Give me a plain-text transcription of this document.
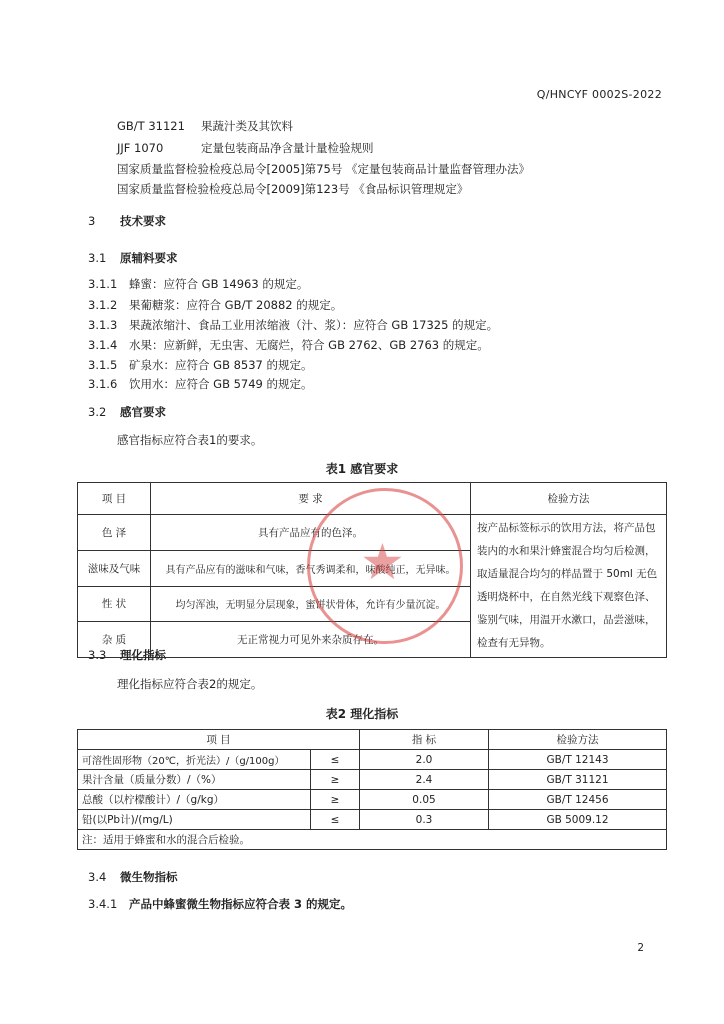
Q/HNCYF 0002S-2022
GB/T 31121 果蔬汁类及其饮料
JJF 1070	定量包装商品净含量计量检验规则
国家质量监督检验检疫总局令[2005]第75号 《定量包装商品计量监督管理办法》
国家质量监督检验检疫总局令[2009]第123号 《食品标识管理规定》
3 技术要求
3.1 原辅料要求
3.1.1 蜂蜜：应符合 GB 14963 的规定。
3.1.2 果葡糖浆：应符合 GB/T 20882 的规定。
3.1.3 果蔬浓缩汁、食品工业用浓缩液（汁、浆）：应符合 GB 17325 的规定。
3.1.4 水果：应新鲜，无虫害、无腐烂，符合 GB 2762、GB 2763 的规定。
3.1.5 矿泉水：应符合 GB 8537 的规定。
3.1.6 饮用水：应符合 GB 5749 的规定。
3.2 感官要求
感官指标应符合表1的要求。
表1 感官要求
项 目	要 求	检验方法
色 泽	具有产品应有的色泽。	按产品标签标示的饮用方法，将产品包装内的水和果汁蜂蜜混合均匀后检测，取适量混合均匀的样品置于 50ml 无色透明烧杯中，在自然光线下观察色泽、鉴别气味，用温开水漱口，品尝滋味，检查有无异物。
滋味及气味	具有产品应有的滋味和气味，香气秀调柔和，味酸纯正，无异味。	
性 状	均匀浑浊，无明显分层现象，蜜饼状骨体，允许有少量沉淀。	
杂 质	无正常视力可见外来杂质存在。	
★
3.3 理化指标
理化指标应符合表2的规定。
表2 理化指标
项 目		指 标	检验方法
可溶性固形物（20℃，折光法）/（g/100g）	≤	2.0	GB/T 12143
果汁含量（质量分数）/（%）	≥	2.4	GB/T 31121
总酸（以柠檬酸计）/（g/kg）	≥	0.05	GB/T 12456
铅(以Pb计)/(mg/L)	≤	0.3	GB 5009.12
注：适用于蜂蜜和水的混合后检验。			
3.4 微生物指标
3.4.1 产品中蜂蜜微生物指标应符合表 3 的规定。
2
